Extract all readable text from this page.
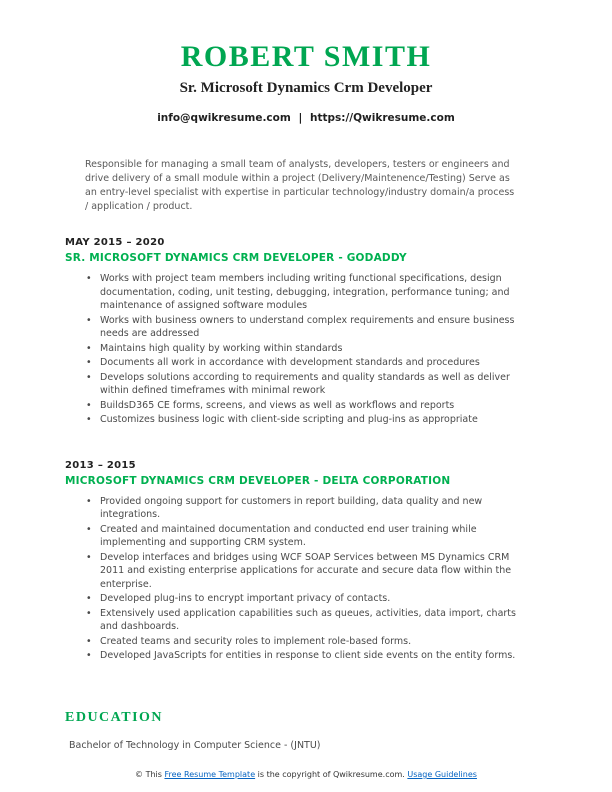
ROBERT SMITH
Sr. Microsoft Dynamics Crm Developer
info@qwikresume.com | https://Qwikresume.com

Responsible for managing a small team of analysts, developers, testers or engineers and drive delivery of a small module within a project (Delivery/Maintenence/Testing) Serve as an entry-level specialist with expertise in particular technology/industry domain/a process / application / product.

MAY 2015 – 2020
SR. MICROSOFT DYNAMICS CRM DEVELOPER - GODADDY
• Works with project team members including writing functional specifications, design documentation, coding, unit testing, debugging, integration, performance tuning; and maintenance of assigned software modules
• Works with business owners to understand complex requirements and ensure business needs are addressed
• Maintains high quality by working within standards
• Documents all work in accordance with development standards and procedures
• Develops solutions according to requirements and quality standards as well as deliver within defined timeframes with minimal rework
• BuildsD365 CE forms, screens, and views as well as workflows and reports
• Customizes business logic with client-side scripting and plug-ins as appropriate
2013 – 2015
MICROSOFT DYNAMICS CRM DEVELOPER - DELTA CORPORATION
• Provided ongoing support for customers in report building, data quality and new integrations.
• Created and maintained documentation and conducted end user training while implementing and supporting CRM system.
• Develop interfaces and bridges using WCF SOAP Services between MS Dynamics CRM 2011 and existing enterprise applications for accurate and secure data flow within the enterprise.
• Developed plug-ins to encrypt important privacy of contacts.
• Extensively used application capabilities such as queues, activities, data import, charts and dashboards.
• Created teams and security roles to implement role-based forms.
• Developed JavaScripts for entities in response to client side events on the entity forms.
EDUCATION
Bachelor of Technology in Computer Science - (JNTU)
© This Free Resume Template is the copyright of Qwikresume.com. Usage Guidelines
